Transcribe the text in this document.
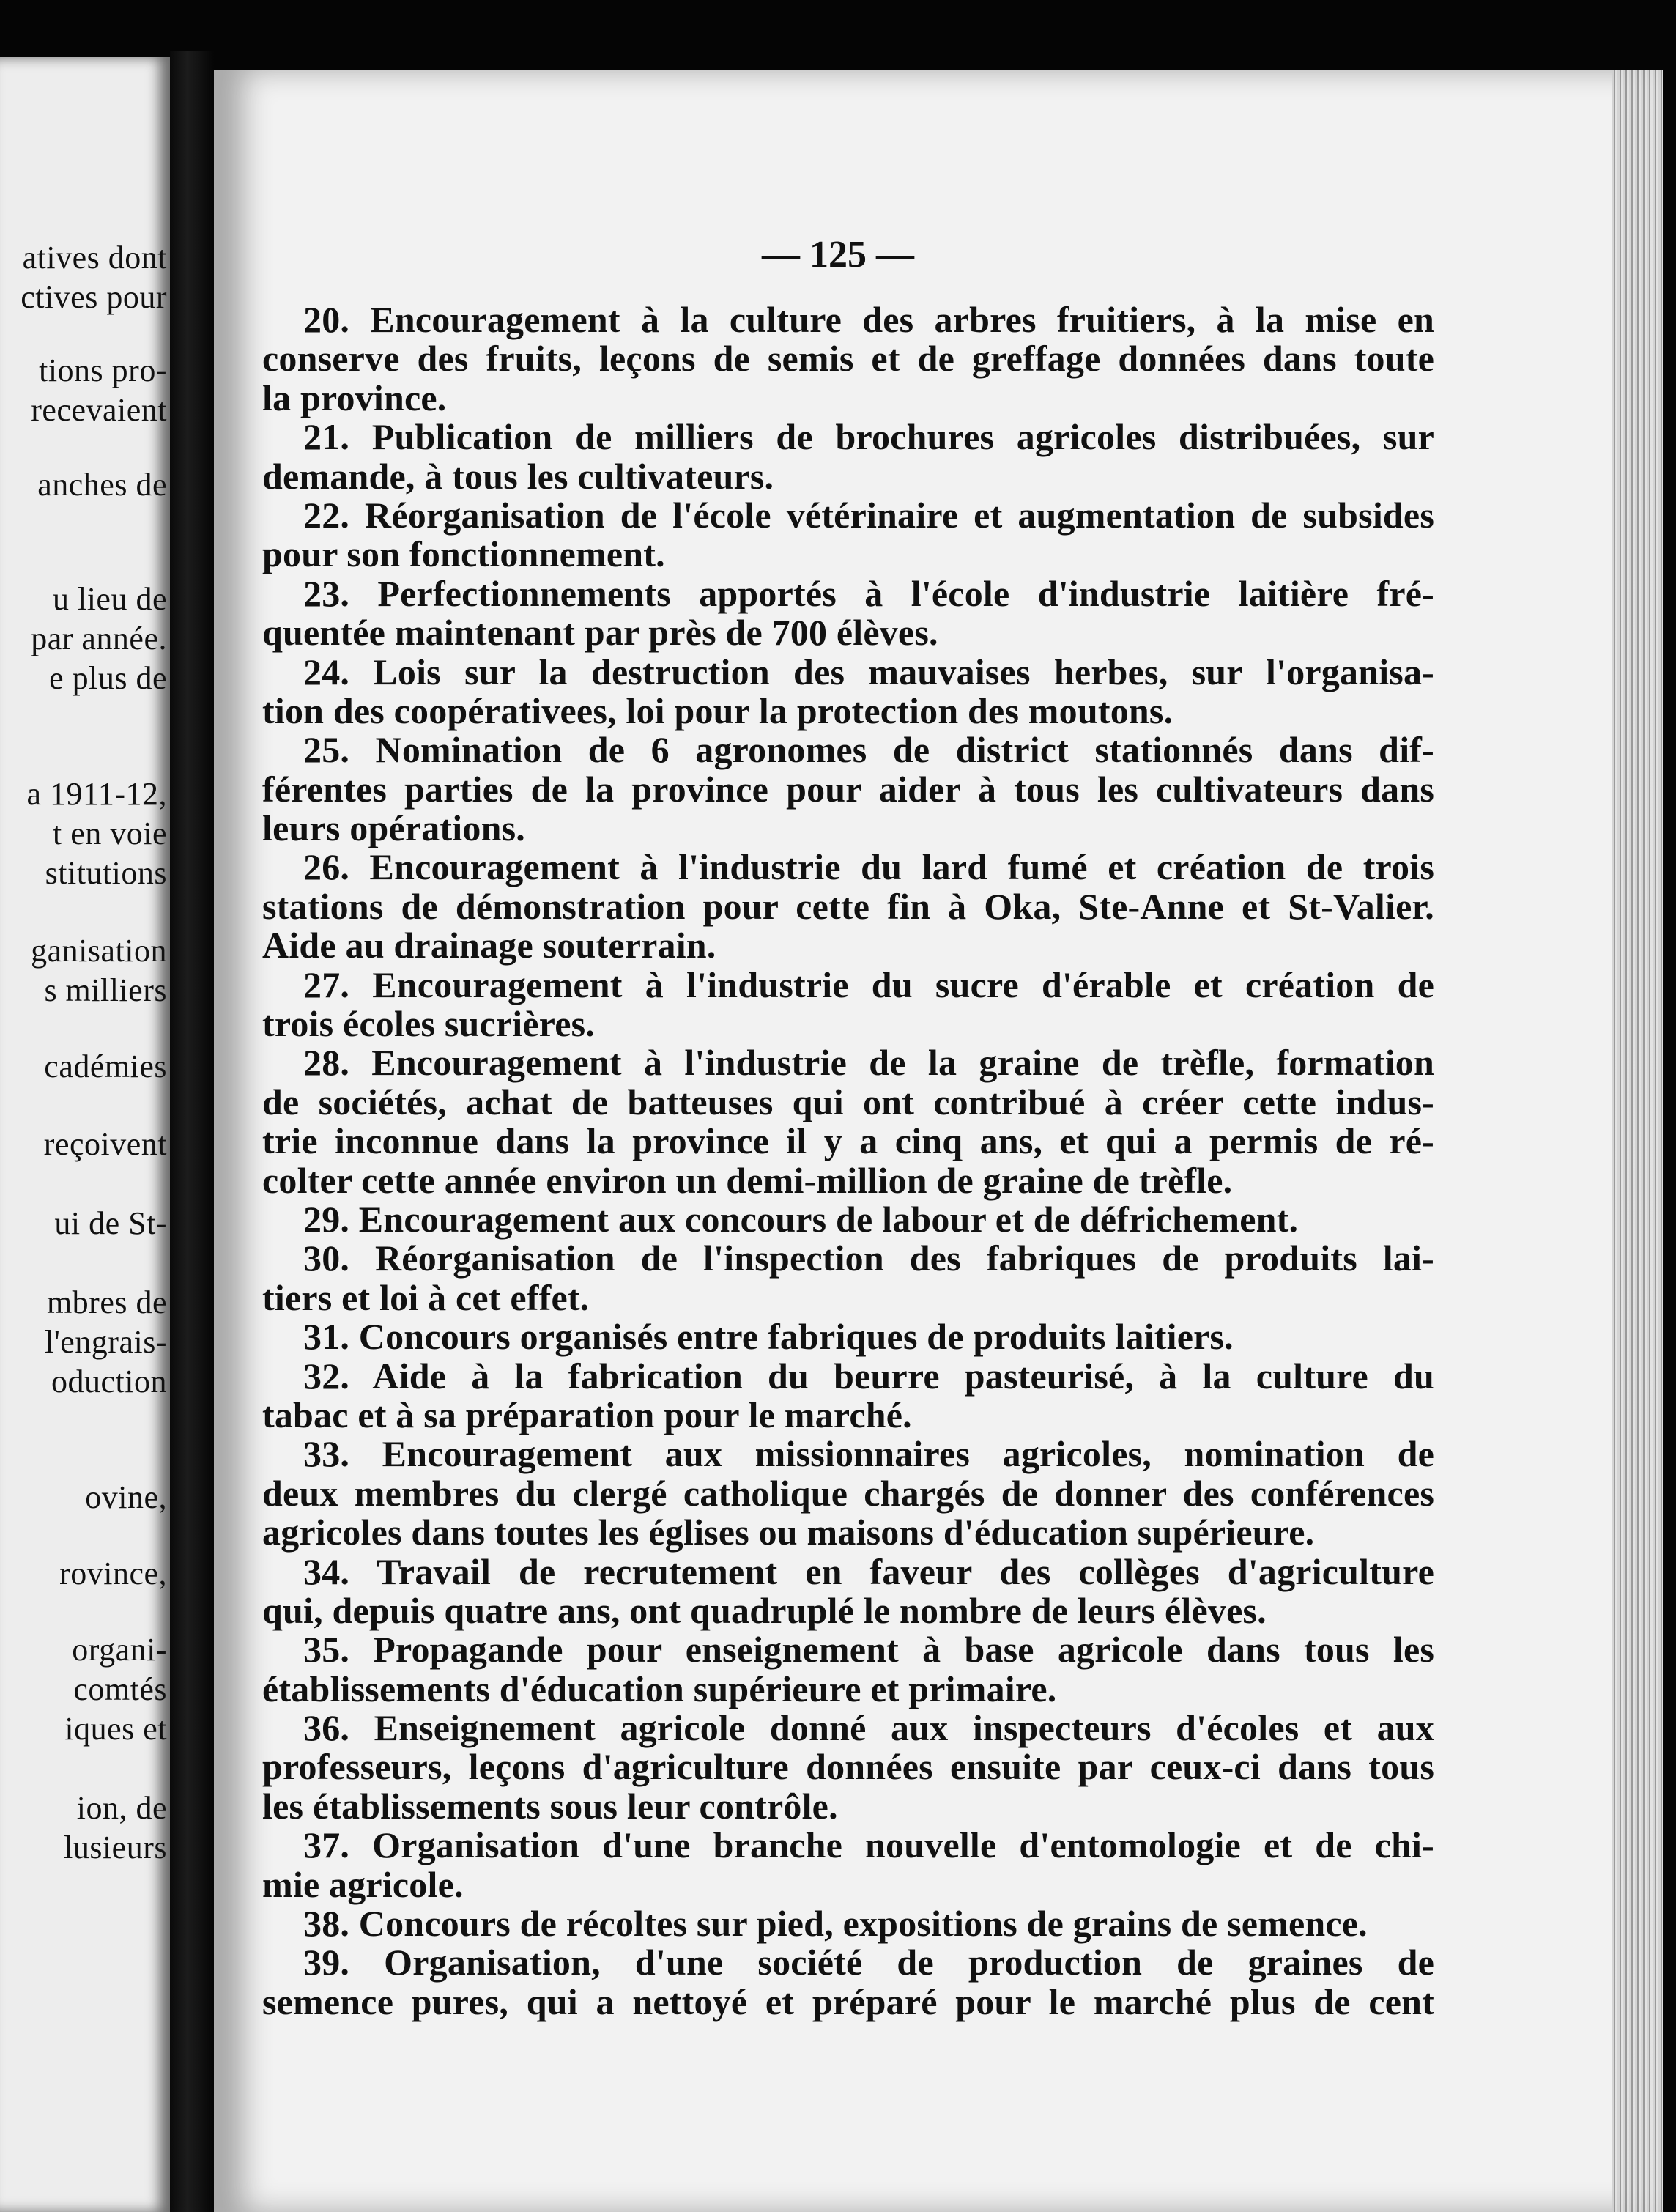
atives dont
ctives pour
tions pro-
recevaient
anches de
u lieu de
par année.
e plus de
a 1911-12,
t en voie
stitutions
ganisation
s milliers
cadémies
reçoivent
ui de St-
mbres de
l'engrais-
oduction
ovine,
rovince,
organi-
comtés
iques et
ion, de
lusieurs
— 125 —
20. Encouragement à la culture des arbres fruitiers, à la mise en
conserve des fruits, leçons de semis et de greffage données dans toute
la province.
21. Publication de milliers de brochures agricoles distribuées, sur
demande, à tous les cultivateurs.
22. Réorganisation de l'école vétérinaire et augmentation de subsides
pour son fonctionnement.
23. Perfectionnements apportés à l'école d'industrie laitière fré-
quentée maintenant par près de 700 élèves.
24. Lois sur la destruction des mauvaises herbes, sur l'organisa-
tion des coopérativees, loi pour la protection des moutons.
25. Nomination de 6 agronomes de district stationnés dans dif-
férentes parties de la province pour aider à tous les cultivateurs dans
leurs opérations.
26. Encouragement à l'industrie du lard fumé et création de trois
stations de démonstration pour cette fin à Oka, Ste-Anne et St-Valier.
Aide au drainage souterrain.
27. Encouragement à l'industrie du sucre d'érable et création de
trois écoles sucrières.
28. Encouragement à l'industrie de la graine de trèfle, formation
de sociétés, achat de batteuses qui ont contribué à créer cette indus-
trie inconnue dans la province il y a cinq ans, et qui a permis de ré-
colter cette année environ un demi-million de graine de trèfle.
29. Encouragement aux concours de labour et de défrichement.
30. Réorganisation de l'inspection des fabriques de produits lai-
tiers et loi à cet effet.
31. Concours organisés entre fabriques de produits laitiers.
32. Aide à la fabrication du beurre pasteurisé, à la culture du
tabac et à sa préparation pour le marché.
33. Encouragement aux missionnaires agricoles, nomination de
deux membres du clergé catholique chargés de donner des conférences
agricoles dans toutes les églises ou maisons d'éducation supérieure.
34. Travail de recrutement en faveur des collèges d'agriculture
qui, depuis quatre ans, ont quadruplé le nombre de leurs élèves.
35. Propagande pour enseignement à base agricole dans tous les
établissements d'éducation supérieure et primaire.
36. Enseignement agricole donné aux inspecteurs d'écoles et aux
professeurs, leçons d'agriculture données ensuite par ceux-ci dans tous
les établissements sous leur contrôle.
37. Organisation d'une branche nouvelle d'entomologie et de chi-
mie agricole.
38. Concours de récoltes sur pied, expositions de grains de semence.
39. Organisation, d'une société de production de graines de
semence pures, qui a nettoyé et préparé pour le marché plus de cent
